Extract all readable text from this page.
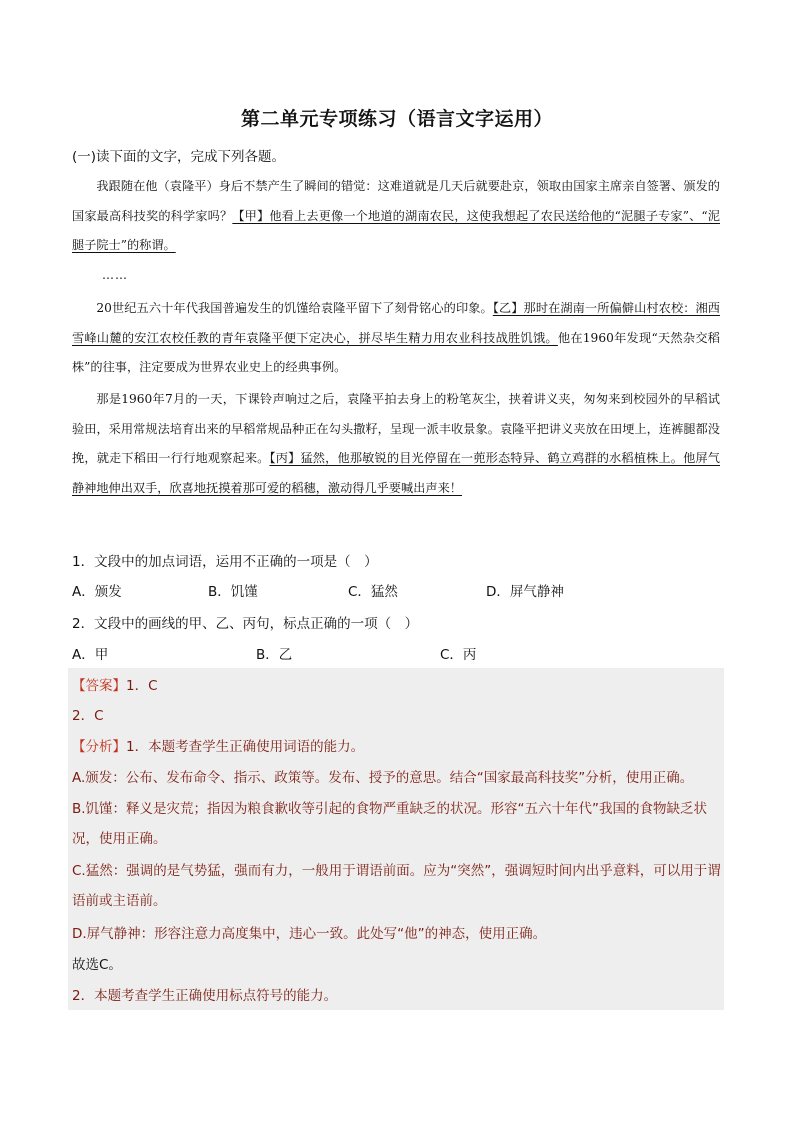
第二单元专项练习（语言文字运用）
(一)读下面的文字，完成下列各题。
我跟随在他（袁隆平）身后不禁产生了瞬间的错觉：这难道就是几天后就要赴京，领取由国家主席亲自签署、颁发的国家最高科技奖的科学家吗？【甲】他看上去更像一个地道的湖南农民，这使我想起了农民送给他的“泥腿子专家”、“泥腿子院士”的称谓。
……
20世纪五六十年代我国普遍发生的饥馑给袁隆平留下了刻骨铭心的印象。【乙】那时在湖南一所偏僻山村农校：湘西雪峰山麓的安江农校任教的青年袁隆平便下定决心，拼尽毕生精力用农业科技战胜饥饿。他在1960年发现“天然杂交稻株”的往事，注定要成为世界农业史上的经典事例。
那是1960年7月的一天，下课铃声响过之后，袁隆平拍去身上的粉笔灰尘，挟着讲义夹，匆匆来到校园外的早稻试验田，采用常规法培育出来的早稻常规品种正在勾头撒籽，呈现一派丰收景象。袁隆平把讲义夹放在田埂上，连裤腿都没挽，就走下稻田一行行地观察起来。【丙】猛然，他那敏锐的目光停留在一蔸形态特异、鹤立鸡群的水稻植株上。他屏气静神地伸出双手，欣喜地抚摸着那可爱的稻穗，激动得几乎要喊出声来！
1．文段中的加点词语，运用不正确的一项是（　）
A．颁发	B．饥馑	C．猛然	D．屏气静神
2．文段中的画线的甲、乙、丙句，标点正确的一项（　）
A．甲	B．乙	C．丙
【答案】1．C
2．C
【分析】1．本题考查学生正确使用词语的能力。
A.颁发：公布、发布命令、指示、政策等。发布、授予的意思。结合“国家最高科技奖”分析，使用正确。
B.饥馑：释义是灾荒；指因为粮食歉收等引起的食物严重缺乏的状况。形容“五六十年代”我国的食物缺乏状况，使用正确。
C.猛然：强调的是气势猛，强而有力，一般用于谓语前面。应为“突然”，强调短时间内出乎意料，可以用于谓语前或主语前。
D.屏气静神：形容注意力高度集中，违心一致。此处写“他”的神态，使用正确。
故选C。
2．本题考查学生正确使用标点符号的能力。
